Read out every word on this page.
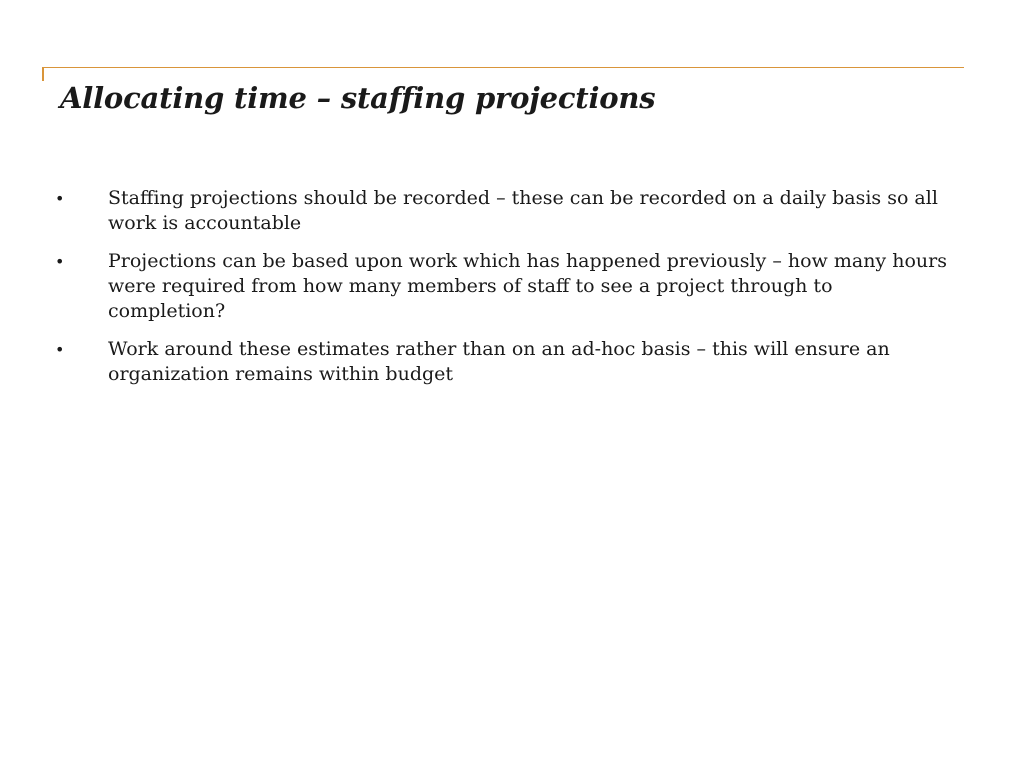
Allocating time – staffing projections
• Staffing projections should be recorded – these can be recorded on a daily basis so all work is accountable
• Projections can be based upon work which has happened previously – how many hours were required from how many members of staff to see a project through to completion?
• Work around these estimates rather than on an ad-hoc basis – this will ensure an organization remains within budget
